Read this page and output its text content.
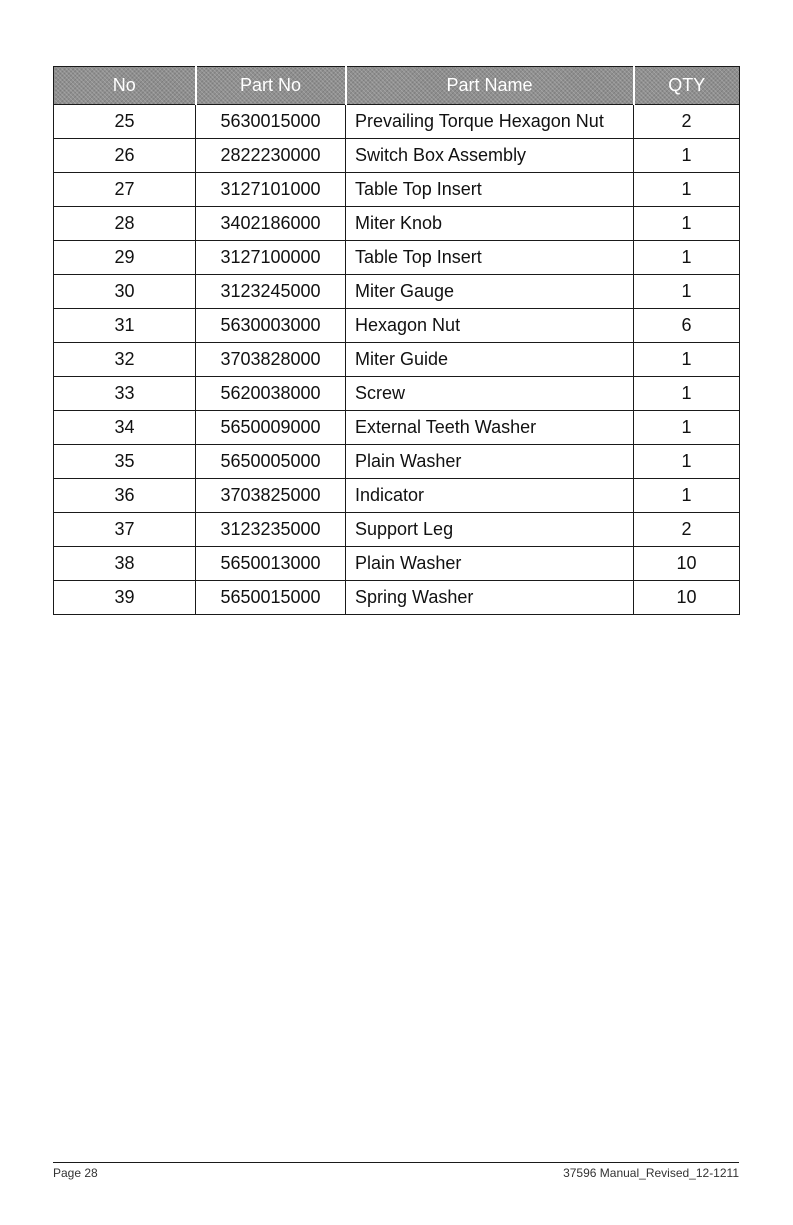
No	Part No	Part Name	QTY
25	5630015000	Prevailing Torque Hexagon Nut	2
26	2822230000	Switch Box Assembly	1
27	3127101000	Table Top Insert	1
28	3402186000	Miter Knob	1
29	3127100000	Table Top Insert	1
30	3123245000	Miter Gauge	1
31	5630003000	Hexagon Nut	6
32	3703828000	Miter Guide	1
33	5620038000	Screw	1
34	5650009000	External Teeth Washer	1
35	5650005000	Plain Washer	1
36	3703825000	Indicator	1
37	3123235000	Support Leg	2
38	5650013000	Plain Washer	10
39	5650015000	Spring Washer	10
Page 28	37596 Manual_Revised_12-1211
